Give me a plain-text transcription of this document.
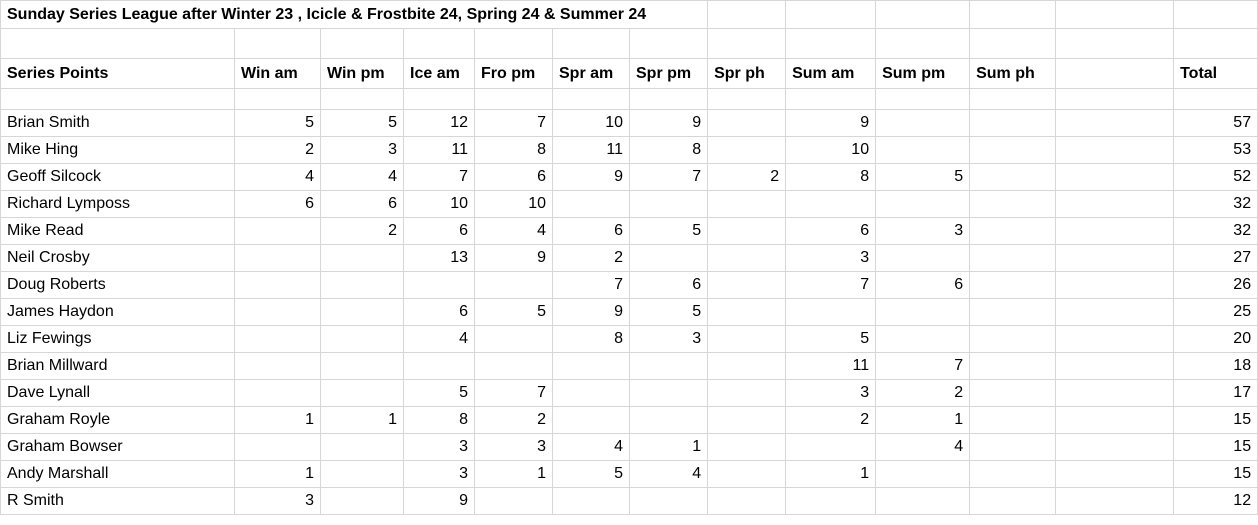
Sunday Series League after Winter 23 , Icicle & Frostbite 24, Spring 24 & Summer 24												

Series Points	Win am	Win pm	Ice am	Fro pm	Spr am	Spr pm	Spr ph	Sum am	Sum pm	Sum ph		Total

Brian Smith	5	5	12	7	10	9		9				57
Mike Hing	2	3	11	8	11	8		10				53
Geoff Silcock	4	4	7	6	9	7	2	8	5			52
Richard Lymposs	6	6	10	10								32
Mike Read		2	6	4	6	5		6	3			32
Neil Crosby			13	9	2			3				27
Doug Roberts					7	6		7	6			26
James Haydon			6	5	9	5						25
Liz Fewings			4		8	3		5				20
Brian Millward								11	7			18
Dave Lynall			5	7				3	2			17
Graham Royle	1	1	8	2				2	1			15
Graham Bowser			3	3	4	1			4			15
Andy Marshall	1		3	1	5	4		1				15
R Smith	3		9									12
